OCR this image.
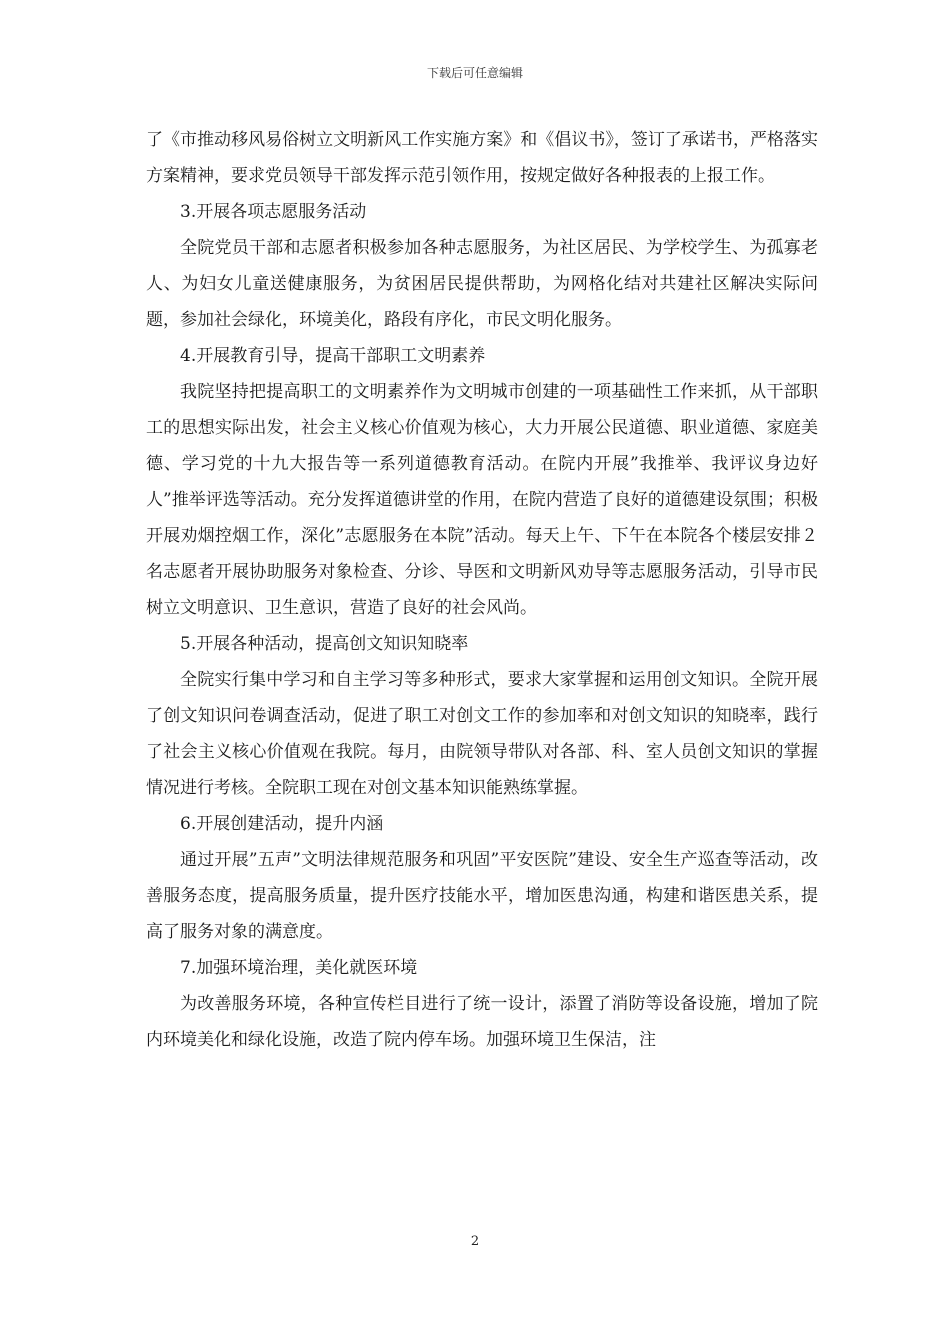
下载后可任意编辑

了《市推动移风易俗树立文明新风工作实施方案》和《倡议书》，签订了承诺书，严格落实方案精神，要求党员领导干部发挥示范引领作用，按规定做好各种报表的上报工作。

3.开展各项志愿服务活动

全院党员干部和志愿者积极参加各种志愿服务，为社区居民、为学校学生、为孤寡老人、为妇女儿童送健康服务，为贫困居民提供帮助，为网格化结对共建社区解决实际问题，参加社会绿化，环境美化，路段有序化，市民文明化服务。

4.开展教育引导，提高干部职工文明素养

我院坚持把提高职工的文明素养作为文明城市创建的一项基础性工作来抓，从干部职工的思想实际出发，社会主义核心价值观为核心，大力开展公民道德、职业道德、家庭美德、学习党的十九大报告等一系列道德教育活动。在院内开展”我推举、我评议身边好人”推举评选等活动。充分发挥道德讲堂的作用，在院内营造了良好的道德建设氛围；积极开展劝烟控烟工作，深化”志愿服务在本院”活动。每天上午、下午在本院各个楼层安排２名志愿者开展协助服务对象检查、分诊、导医和文明新风劝导等志愿服务活动，引导市民树立文明意识、卫生意识，营造了良好的社会风尚。

5.开展各种活动，提高创文知识知晓率

全院实行集中学习和自主学习等多种形式，要求大家掌握和运用创文知识。全院开展了创文知识问卷调查活动，促进了职工对创文工作的参加率和对创文知识的知晓率，践行了社会主义核心价值观在我院。每月，由院领导带队对各部、科、室人员创文知识的掌握情况进行考核。全院职工现在对创文基本知识能熟练掌握。

6.开展创建活动，提升内涵

通过开展”五声”文明法律规范服务和巩固”平安医院”建设、安全生产巡查等活动，改善服务态度，提高服务质量，提升医疗技能水平，增加医患沟通，构建和谐医患关系，提高了服务对象的满意度。

7.加强环境治理，美化就医环境

为改善服务环境，各种宣传栏目进行了统一设计，添置了消防等设备设施，增加了院内环境美化和绿化设施，改造了院内停车场。加强环境卫生保洁，注

2
